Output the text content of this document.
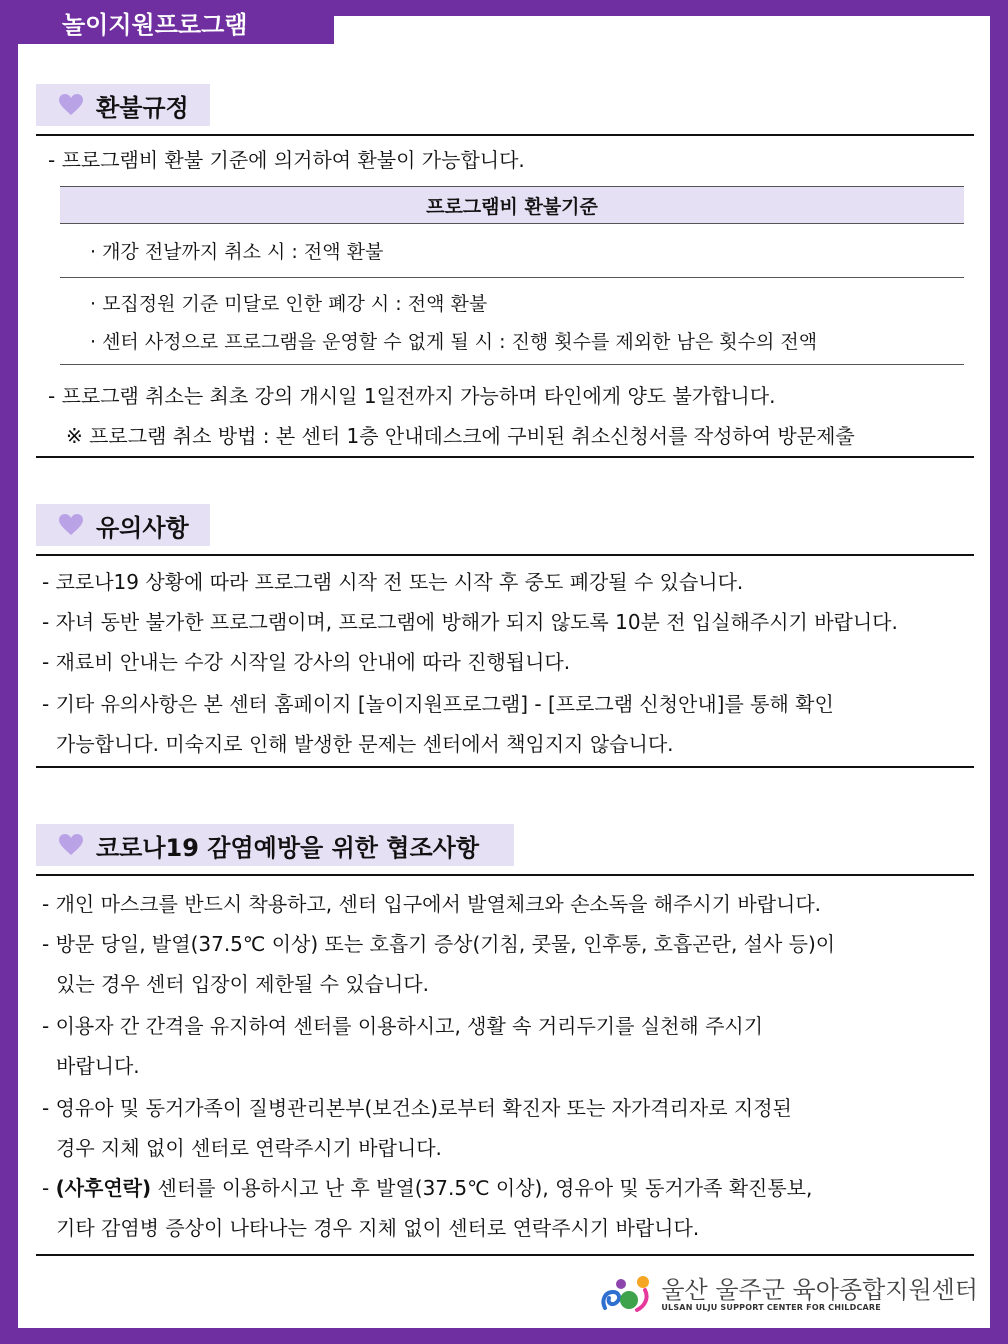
놀이지원프로그램
환불규정
- 프로그램비 환불 기준에 의거하여 환불이 가능합니다.
프로그램비 환불기준
· 개강 전날까지 취소 시 : 전액 환불
· 모집정원 기준 미달로 인한 폐강 시 : 전액 환불
· 센터 사정으로 프로그램을 운영할 수 없게 될 시 : 진행 횟수를 제외한 남은 횟수의 전액
- 프로그램 취소는 최초 강의 개시일 1일전까지 가능하며 타인에게 양도 불가합니다.
※ 프로그램 취소 방법 : 본 센터 1층 안내데스크에 구비된 취소신청서를 작성하여 방문제출
유의사항
- 코로나19 상황에 따라 프로그램 시작 전 또는 시작 후 중도 폐강될 수 있습니다.
- 자녀 동반 불가한 프로그램이며, 프로그램에 방해가 되지 않도록 10분 전 입실해주시기 바랍니다.
- 재료비 안내는 수강 시작일 강사의 안내에 따라 진행됩니다.
- 기타 유의사항은 본 센터 홈페이지 [놀이지원프로그램] - [프로그램 신청안내]를 통해 확인
가능합니다. 미숙지로 인해 발생한 문제는 센터에서 책임지지 않습니다.
코로나19 감염예방을 위한 협조사항
- 개인 마스크를 반드시 착용하고, 센터 입구에서 발열체크와 손소독을 해주시기 바랍니다.
- 방문 당일, 발열(37.5℃ 이상) 또는 호흡기 증상(기침, 콧물, 인후통, 호흡곤란, 설사 등)이
있는 경우 센터 입장이 제한될 수 있습니다.
- 이용자 간 간격을 유지하여 센터를 이용하시고, 생활 속 거리두기를 실천해 주시기
바랍니다.
- 영유아 및 동거가족이 질병관리본부(보건소)로부터 확진자 또는 자가격리자로 지정된
경우 지체 없이 센터로 연락주시기 바랍니다.
- (사후연락) 센터를 이용하시고 난 후 발열(37.5℃ 이상), 영유아 및 동거가족 확진통보,
기타 감염병 증상이 나타나는 경우 지체 없이 센터로 연락주시기 바랍니다.
울산 울주군 육아종합지원센터
ULSAN ULJU SUPPORT CENTER FOR CHILDCARE
